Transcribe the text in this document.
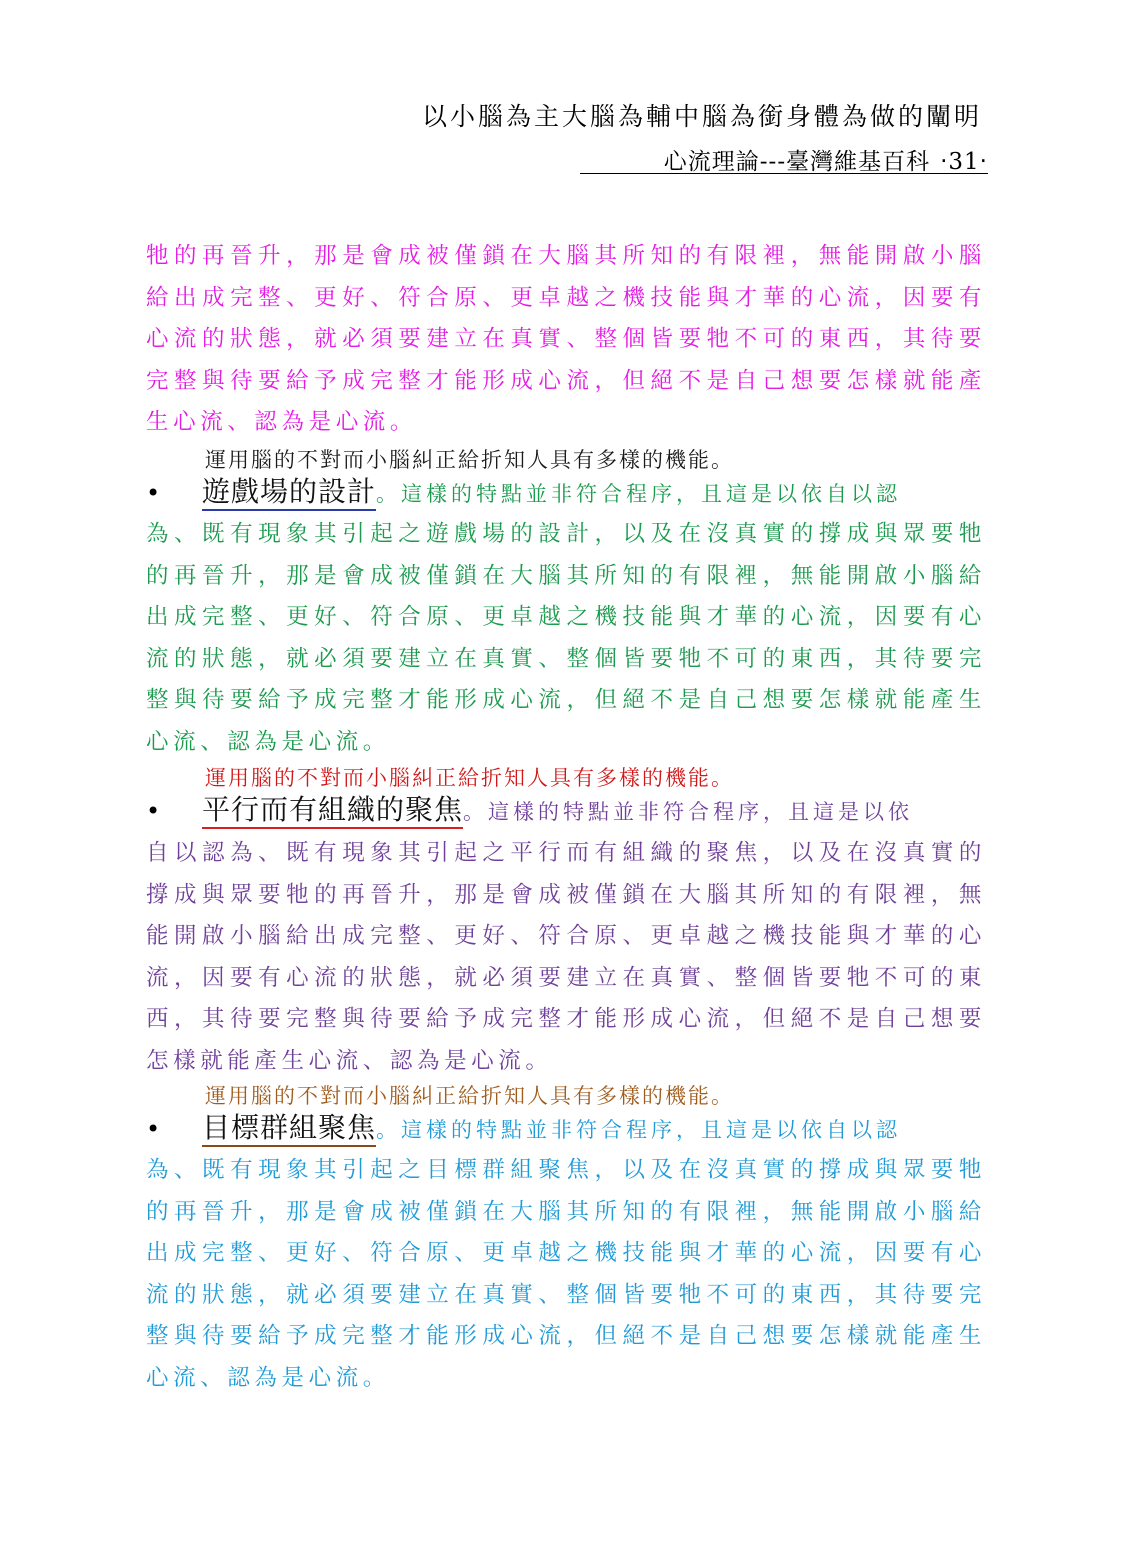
以小腦為主大腦為輔中腦為銜身體為做的闡明
心流理論---臺灣維基百科 ‧31‧

牠的再晉升，那是會成被僅鎖在大腦其所知的有限裡，無能開啟小腦給出成完整、更好、符合原、更卓越之機技能與才華的心流，因要有心流的狀態，就必須要建立在真實、整個皆要牠不可的東西，其待要完整與待要給予成完整才能形成心流，但絕不是自己想要怎樣就能產生心流、認為是心流。

運用腦的不對而小腦糾正給折知人具有多樣的機能。

• 遊戲場的設計。這樣的特點並非符合程序，且這是以依自以認

為、既有現象其引起之遊戲場的設計，以及在沒真實的撐成與眾要牠的再晉升，那是會成被僅鎖在大腦其所知的有限裡，無能開啟小腦給出成完整、更好、符合原、更卓越之機技能與才華的心流，因要有心流的狀態，就必須要建立在真實、整個皆要牠不可的東西，其待要完整與待要給予成完整才能形成心流，但絕不是自己想要怎樣就能產生心流、認為是心流。

運用腦的不對而小腦糾正給折知人具有多樣的機能。

• 平行而有組織的聚焦。這樣的特點並非符合程序，且這是以依

自以認為、既有現象其引起之平行而有組織的聚焦，以及在沒真實的撐成與眾要牠的再晉升，那是會成被僅鎖在大腦其所知的有限裡，無能開啟小腦給出成完整、更好、符合原、更卓越之機技能與才華的心流，因要有心流的狀態，就必須要建立在真實、整個皆要牠不可的東西，其待要完整與待要給予成完整才能形成心流，但絕不是自己想要怎樣就能產生心流、認為是心流。

運用腦的不對而小腦糾正給折知人具有多樣的機能。

• 目標群組聚焦。這樣的特點並非符合程序，且這是以依自以認

為、既有現象其引起之目標群組聚焦，以及在沒真實的撐成與眾要牠的再晉升，那是會成被僅鎖在大腦其所知的有限裡，無能開啟小腦給出成完整、更好、符合原、更卓越之機技能與才華的心流，因要有心流的狀態，就必須要建立在真實、整個皆要牠不可的東西，其待要完整與待要給予成完整才能形成心流，但絕不是自己想要怎樣就能產生心流、認為是心流。
